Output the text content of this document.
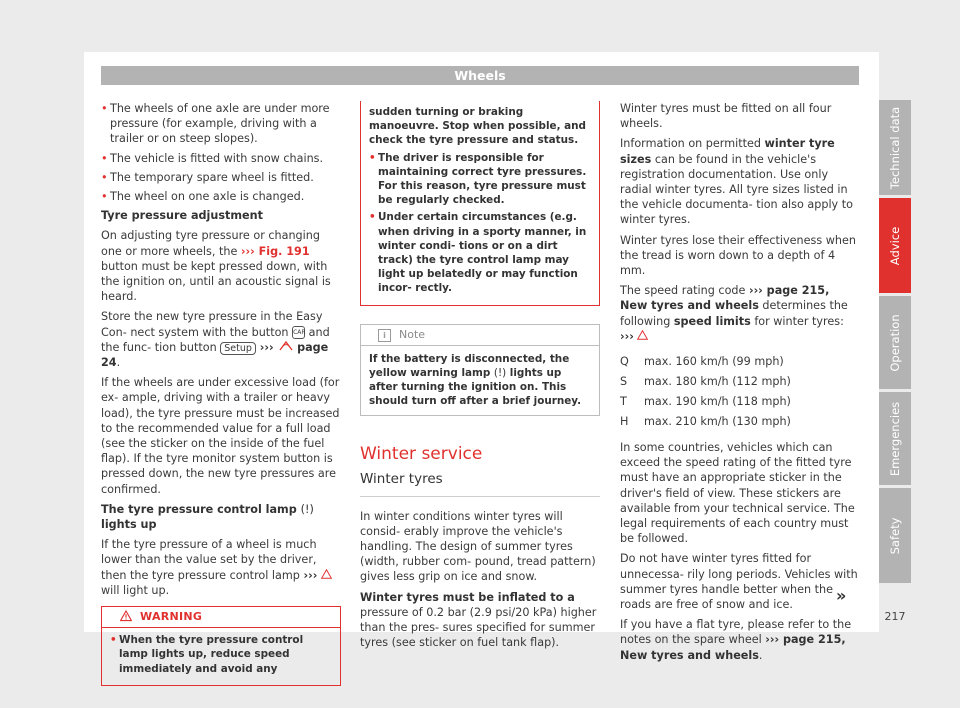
Wheels
• The wheels of one axle are under more pressure (for example, driving with a trailer or on steep slopes).
• The vehicle is fitted with snow chains.
• The temporary spare wheel is fitted.
• The wheel on one axle is changed.

Tyre pressure adjustment

On adjusting tyre pressure or changing one or more wheels, the ››› Fig. 191 button must be kept pressed down, with the ignition on, until an acoustic signal is heard.

Store the new tyre pressure in the Easy Con- nect system with the button CAR and the func- tion button Setup ›››  page 24.

If the wheels are under excessive load (for ex- ample, driving with a trailer or heavy load), the tyre pressure must be increased to the recommended value for a full load (see the sticker on the inside of the fuel flap). If the tyre monitor system button is pressed down, the new tyre pressures are confirmed.

The tyre pressure control lamp (!) lights up

If the tyre pressure of a wheel is much lower than the value set by the driver, then the tyre pressure control lamp ›››  will light up.

WARNING
• When the tyre pressure control lamp lights up, reduce speed immediately and avoid any

sudden turning or braking manoeuvre. Stop when possible, and check the tyre pressure and status.

• The driver is responsible for maintaining correct tyre pressures. For this reason, tyre pressure must be regularly checked.
• Under certain circumstances (e.g. when driving in a sporty manner, in winter condi- tions or on a dirt track) the tyre control lamp may light up belatedly or may function incor- rectly.
i	Note
If the battery is disconnected, the yellow warning lamp (!) lights up after turning the ignition on. This should turn off after a brief journey.
Winter service
Winter tyres

In winter conditions winter tyres will consid- erably improve the vehicle's handling. The design of summer tyres (width, rubber com- pound, tread pattern) gives less grip on ice and snow.

Winter tyres must be inflated to a pressure of 0.2 bar (2.9 psi/20 kPa) higher than the pres- sures specified for summer tyres (see sticker on fuel tank flap).

Winter tyres must be fitted on all four wheels.

Information on permitted winter tyre sizes can be found in the vehicle's registration documentation. Use only radial winter tyres. All tyre sizes listed in the vehicle documenta- tion also apply to winter tyres.

Winter tyres lose their effectiveness when the tread is worn down to a depth of 4 mm.

The speed rating code ››› page 215, New tyres and wheels determines the following speed limits for winter tyres: ›››

Q	max. 160 km/h (99 mph)
S	max. 180 km/h (112 mph)
T	max. 190 km/h (118 mph)
H	max. 210 km/h (130 mph)

In some countries, vehicles which can exceed the speed rating of the fitted tyre must have an appropriate sticker in the driver's field of view. These stickers are available from your technical service. The legal requirements of each country must be followed.

Do not have winter tyres fitted for unnecessa- rily long periods. Vehicles with summer tyres handle better when the roads are free of snow and ice.

If you have a flat tyre, please refer to the notes on the spare wheel ››› page 215, New tyres and wheels.

»
Technical data
Advice
Operation
Emergencies
Safety
217
